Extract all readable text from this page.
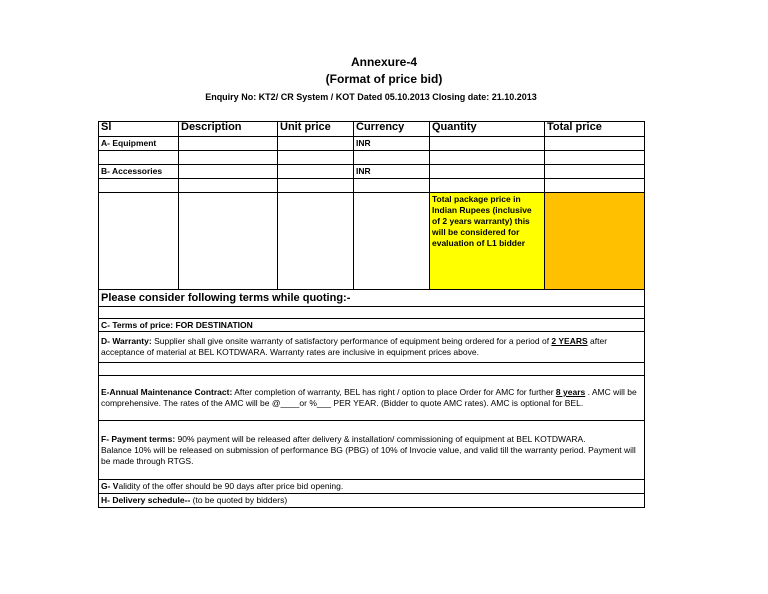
Annexure-4
(Format of price bid)
Enquiry No: KT2/ CR System / KOT Dated 05.10.2013 Closing date: 21.10.2013
Sl	Description	Unit price	Currency	Quantity	Total price
A- Equipment			INR		

B- Accessories			INR		

				Total package price in Indian Rupees (inclusive of 2 years warranty) this will be considered for evaluation of L1 bidder	
Please consider following terms while quoting:-					

C- Terms of price: FOR DESTINATION					
D- Warranty: Supplier shall give onsite warranty of satisfactory performance of equipment being ordered for a period of 2 YEARS after acceptance of material at BEL KOTDWARA. Warranty rates are inclusive in equipment prices above.					

E-Annual Maintenance Contract: After completion of warranty, BEL has right / option to place Order for AMC for further 8 years . AMC will be comprehensive. The rates of the AMC will be @____or %___ PER YEAR. (Bidder to quote AMC rates). AMC is optional for BEL.					
F- Payment terms: 90% payment will be released after delivery & installation/ commissioning of equipment at BEL KOTDWARA.
Balance 10% will be released on submission of performance BG (PBG) of 10% of Invocie value, and valid till the warranty period. Payment will be made through RTGS.					
G- Validity of the offer should be 90 days after price bid opening.					
H- Delivery schedule-- (to be quoted by bidders)					
